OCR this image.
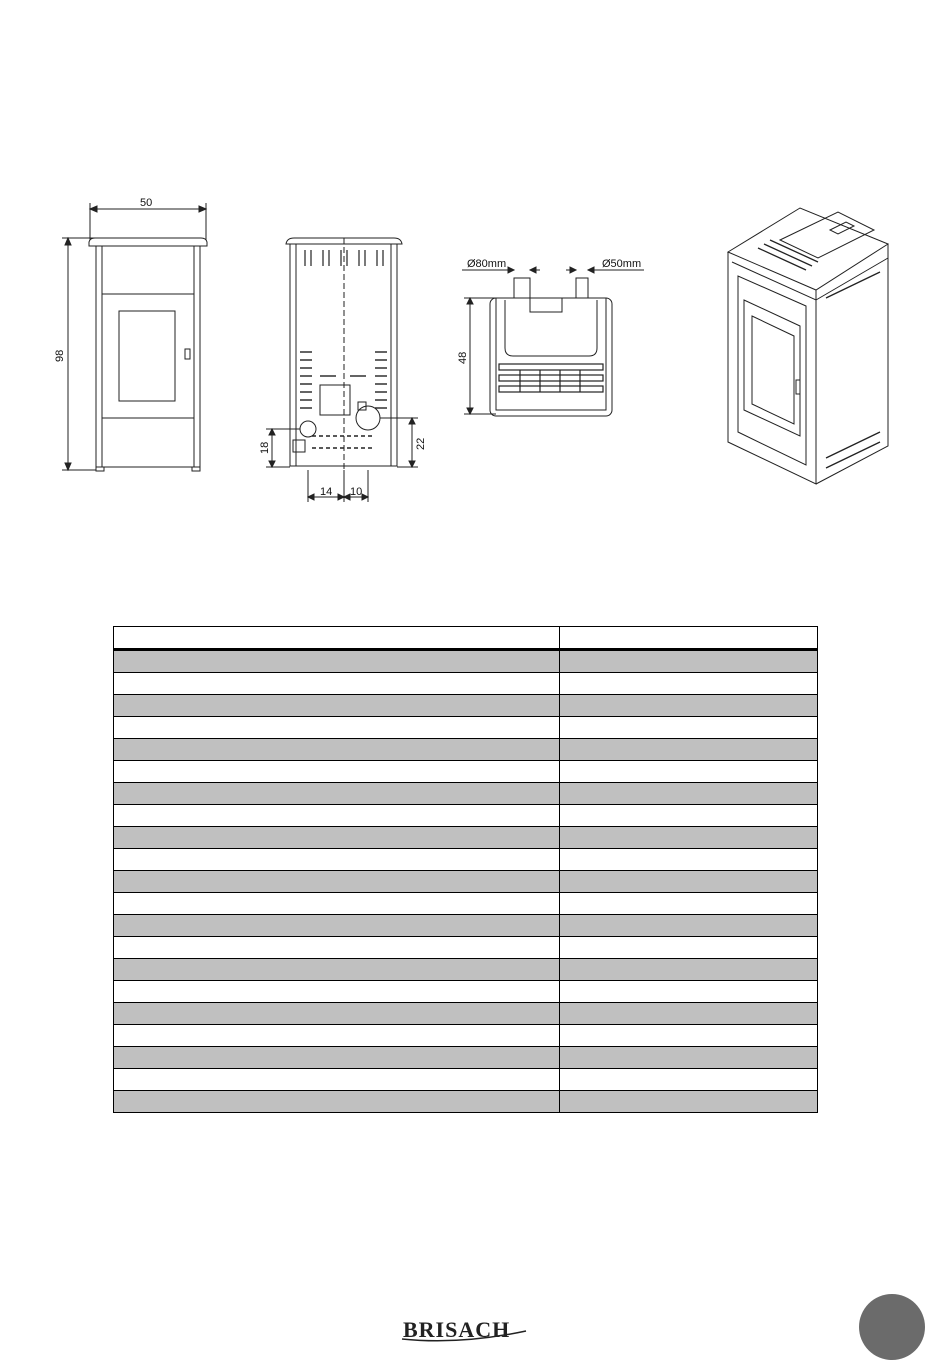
50
98
18	22
14 10
48
Ø80mm	Ø50mm

BRISACH
